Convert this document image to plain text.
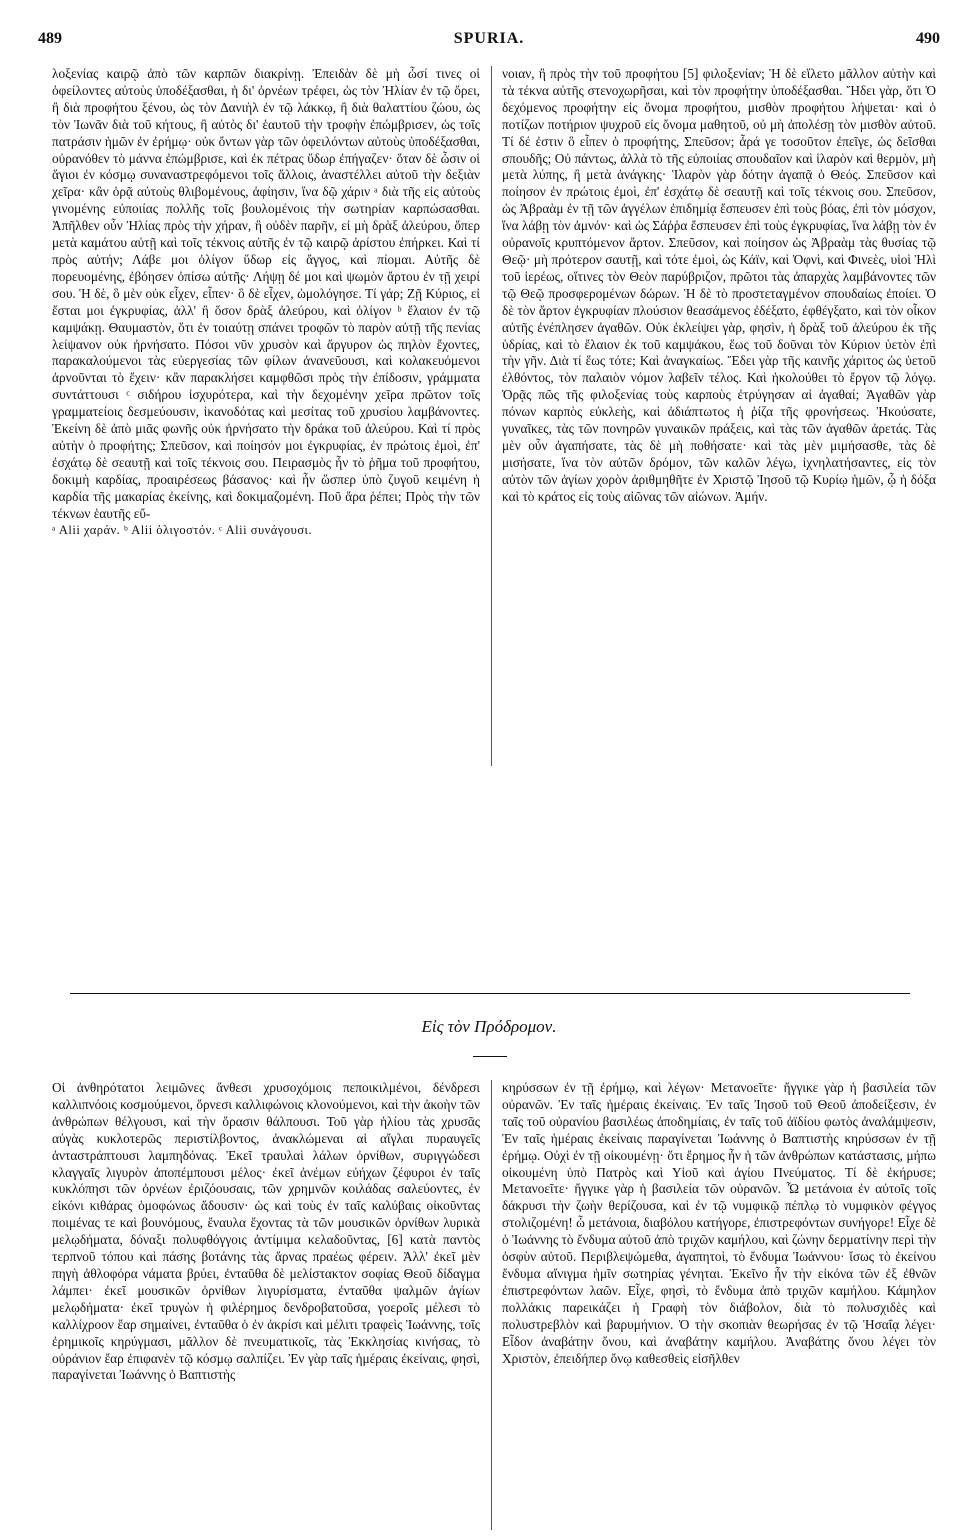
489	SPURIA.	490

λοξενίας καιρῷ ἀπὸ τῶν καρπῶν διακρίνῃ. Ἐπειδὰν δὲ μὴ ὦσί τινες οἱ ὀφείλοντες αὐτοὺς ὑποδέξασθαι, ἡ δι' ὀρνέων τρέφει, ὡς τὸν Ἠλίαν ἐν τῷ ὄρει, ἢ διὰ προφήτου ξένου, ὡς τὸν Δανιὴλ ἐν τῷ λάκκῳ, ἢ διὰ θαλαττίου ζώου, ὡς τὸν Ἰωνᾶν διὰ τοῦ κήτους, ἢ αὐτὸς δι' ἑαυτοῦ τὴν τροφὴν ἐπώμβρισεν, ὡς τοῖς πατράσιν ἡμῶν ἐν ἐρήμῳ· οὐκ ὄντων γὰρ τῶν ὀφειλόντων αὐτοὺς ὑποδέξασθαι, οὐρανόθεν τὸ μάννα ἐπώμβρισε, καὶ ἐκ πέτρας ὕδωρ ἐπήγαζεν· ὅταν δὲ ὦσιν οἱ ἅγιοι ἐν κόσμῳ συναναστρεφόμενοι τοῖς ἄλλοις, ἀναστέλλει αὐτοῦ τὴν δεξιὰν χεῖρα· κἂν ὁρᾷ αὐτοὺς θλιβομένους, ἀφίησιν, ἵνα δῷ χάριν ᵃ διὰ τῆς εἰς αὐτοὺς γινομένης εὐποιίας πολλῆς τοῖς βουλομένοις τὴν σωτηρίαν καρπώσασθαι. Ἀπῆλθεν οὖν Ἠλίας πρὸς τὴν χήραν, ἣ οὐδὲν παρῆν, εἰ μὴ δρὰξ ἀλεύρου, ὅπερ μετὰ καμάτου αὐτῇ καὶ τοῖς τέκνοις αὐτῆς ἐν τῷ καιρῷ ἀρίστου ἐπήρκει. Καὶ τί πρὸς αὐτήν; Λάβε μοι ὀλίγον ὕδωρ εἰς ἄγγος, καὶ πίομαι. Αὐτῆς δὲ πορευομένης, ἐβόησεν ὀπίσω αὐτῆς· Λήψῃ δέ μοι καὶ ψωμὸν ἄρτου ἐν τῇ χειρί σου. Ἡ δὲ, ὃ μὲν οὐκ εἶχεν, εἶπεν· ὃ δὲ εἶχεν, ὡμολόγησε. Τί γάρ; Ζῇ Κύριος, εἰ ἔσται μοι ἐγκρυφίας, ἀλλ' ἢ ὅσον δρὰξ ἀλεύρου, καὶ ὀλίγον ᵇ ἔλαιον ἐν τῷ καμψάκῃ. Θαυμαστὸν, ὅτι ἐν τοιαύτῃ σπάνει τροφῶν τὸ παρὸν αὐτῇ τῆς πενίας λείψανον οὐκ ἠρνήσατο. Πόσοι νῦν χρυσὸν καὶ ἄργυρον ὡς πηλὸν ἔχοντες, παρακαλούμενοι τὰς εὐεργεσίας τῶν φίλων ἀνανεῦουσι, καὶ κολακευόμενοι ἀρνοῦνται τὸ ἔχειν· κἂν παρακλήσει καμφθῶσι πρὸς τὴν ἐπίδοσιν, γράμματα συντάττουσι ᶜ σιδήρου ἰσχυρότερα, καὶ τὴν δεχομένην χεῖρα πρῶτον τοῖς γραμματείοις δεσμεύουσιν, ἱκανοδότας καὶ μεσίτας τοῦ χρυσίου λαμβάνοντες. Ἐκείνη δὲ ἀπὸ μιᾶς φωνῆς οὐκ ἠρνήσατο τὴν δράκα τοῦ ἀλεύρου. Καὶ τί πρὸς αὐτὴν ὁ προφήτης; Σπεῦσον, καὶ ποίησόν μοι ἐγκρυφίας, ἐν πρώτοις ἐμοὶ, ἐπ' ἐσχάτῳ δὲ σεαυτῇ καὶ τοῖς τέκνοις σου. Πειρασμὸς ἦν τὸ ῥῆμα τοῦ προφήτου, δοκιμὴ καρδίας, προαιρέσεως βάσανος· καὶ ἦν ὥσπερ ὑπὸ ζυγοῦ κειμένη ἡ καρδία τῆς μακαρίας ἐκείνης, καὶ δοκιμαζομένη. Ποῦ ἄρα ῥέπει; Πρὸς τὴν τῶν τέκνων ἑαυτῆς εὔ-

ᵃ Alii χαράν. ᵇ Alii ὀλιγοστόν. ᶜ Alii συνάγουσι.

νοιαν, ἢ πρὸς τὴν τοῦ προφήτου [5] φιλοξενίαν; Ἡ δὲ εἵλετο μᾶλλον αὐτὴν καὶ τὰ τέκνα αὐτῆς στενοχωρῆσαι, καὶ τὸν προφήτην ὑποδέξασθαι. Ἤδει γὰρ, ὅτι Ὁ δεχόμενος προφήτην εἰς ὄνομα προφήτου, μισθὸν προφήτου λήψεται· καὶ ὁ ποτίζων ποτήριον ψυχροῦ εἰς ὄνομα μαθητοῦ, οὐ μὴ ἀπολέσῃ τὸν μισθὸν αὐτοῦ. Τί δέ ἐστιν ὃ εἶπεν ὁ προφήτης, Σπεῦσον; ἆρά γε τοσοῦτον ἐπεῖγε, ὡς δεῖσθαι σπουδῆς; Οὐ πάντως, ἀλλὰ τὸ τῆς εὐποιίας σπουδαῖον καὶ ἱλαρὸν καὶ θερμὸν, μὴ μετὰ λύπης, ἢ μετὰ ἀνάγκης· Ἱλαρὸν γὰρ δότην ἀγαπᾷ ὁ Θεός. Σπεῦσον καὶ ποίησον ἐν πρώτοις ἐμοὶ, ἐπ' ἐσχάτῳ δὲ σεαυτῇ καὶ τοῖς τέκνοις σου. Σπεῦσον, ὡς Ἀβραὰμ ἐν τῇ τῶν ἀγγέλων ἐπιδημίᾳ ἔσπευσεν ἐπὶ τοὺς βόας, ἐπὶ τὸν μόσχον, ἵνα λάβῃ τὸν ἀμνόν· καὶ ὡς Σάῤῥα ἔσπευσεν ἐπὶ τοὺς ἐγκρυφίας, ἵνα λάβῃ τὸν ἐν οὐρανοῖς κρυπτόμενον ἄρτον. Σπεῦσον, καὶ ποίησον ὡς Ἀβραὰμ τὰς θυσίας τῷ Θεῷ· μὴ πρότερον σαυτῇ, καὶ τότε ἐμοὶ, ὡς Κάϊν, καὶ Ὀφνὶ, καὶ Φινεὲς, υἱοὶ Ἠλὶ τοῦ ἱερέως, οἵτινες τὸν Θεὸν παρύβριζον, πρῶτοι τὰς ἀπαρχὰς λαμβάνοντες τῶν τῷ Θεῷ προσφερομένων δώρων. Ἡ δὲ τὸ προστεταγμένον σπουδαίως ἐποίει. Ὁ δὲ τὸν ἄρτον ἐγκρυφίαν πλούσιον θεασάμενος ἐδέξατο, ἐφθέγξατο, καὶ τὸν οἶκον αὐτῆς ἐνέπλησεν ἀγαθῶν. Οὐκ ἐκλείψει γὰρ, φησὶν, ἡ δρὰξ τοῦ ἀλεύρου ἐκ τῆς ὑδρίας, καὶ τὸ ἔλαιον ἐκ τοῦ καμψάκου, ἕως τοῦ δοῦναι τὸν Κύριον ὑετὸν ἐπὶ τὴν γῆν. Διὰ τί ἕως τότε; Καὶ ἀναγκαίως. Ἔδει γὰρ τῆς καινῆς χάριτος ὡς ὑετοῦ ἐλθόντος, τὸν παλαιὸν νόμον λαβεῖν τέλος. Καὶ ἠκολούθει τὸ ἔργον τῷ λόγῳ. Ὁρᾷς πῶς τῆς φιλοξενίας τοὺς καρποὺς ἐτρύγησαν αἱ ἀγαθαί; Ἀγαθῶν γὰρ πόνων καρπὸς εὐκλεὴς, καὶ ἀδιάπτωτος ἡ ῥίζα τῆς φρονήσεως. Ἠκούσατε, γυναῖκες, τὰς τῶν πονηρῶν γυναικῶν πράξεις, καὶ τὰς τῶν ἀγαθῶν ἀρετάς. Τὰς μὲν οὖν ἀγαπήσατε, τὰς δὲ μὴ ποθήσατε· καὶ τὰς μὲν μιμήσασθε, τὰς δὲ μισήσατε, ἵνα τὸν αὐτῶν δρόμον, τῶν καλῶν λέγω, ἰχνηλατήσαντες, εἰς τὸν αὐτὸν τῶν ἁγίων χορὸν ἀριθμηθῆτε ἐν Χριστῷ Ἰησοῦ τῷ Κυρίῳ ἡμῶν, ᾧ ἡ δόξα καὶ τὸ κράτος εἰς τοὺς αἰῶνας τῶν αἰώνων. Ἀμήν.

Εἰς τὸν Πρόδρομον.

Οἱ ἀνθηρότατοι λειμῶνες ἄνθεσι χρυσοχόμοις πεποικιλμένοι, δένδρεσι καλλιπνόοις κοσμούμενοι, ὄρνεσι καλλιφώνοις κλονούμενοι, καὶ τὴν ἀκοὴν τῶν ἀνθρώπων θέλγουσι, καὶ τὴν ὅρασιν θάλπουσι. Τοῦ γὰρ ἡλίου τὰς χρυσᾶς αὐγὰς κυκλοτερῶς περιστίλβοντος, ἀνακλώμεναι αἱ αἴγλαι πυραυγεῖς ἀνταστράπτουσι λαμπηδόνας. Ἐκεῖ τραυλαὶ λάλων ὀρνίθων, συριγγώδεσι κλαγγαῖς λιγυρὸν ἀποπέμπουσι μέλος· ἐκεῖ ἀνέμων εὐήχων ζέφυροι ἐν ταῖς κυκλόπησι τῶν ὀρνέων ἐριζόουσαις, τῶν χρημνῶν κοιλάδας σαλεύοντες, ἐν εἰκόνι κιθάρας ὁμοφώνως ἄδουσιν· ὡς καὶ τοὺς ἐν ταῖς καλύβαις οἰκοῦντας ποιμένας τε καὶ βουνόμους, ἔναυλα ἔχοντας τὰ τῶν μουσικῶν ὀρνίθων λυρικὰ μελῳδήματα, δόναξι πολυφθόγγοις ἀντίμιμα κελαδοῦντας, [6] κατὰ παντὸς τερπνοῦ τόπου καὶ πάσης βοτάνης τὰς ἄρνας πραέως φέρειν. Ἀλλ' ἐκεῖ μὲν πηγὴ ἀθλοφόρα νάματα βρύει, ἐνταῦθα δὲ μελίστακτον σοφίας Θεοῦ δίδαγμα λάμπει· ἐκεῖ μουσικῶν ὀρνίθων λιγυρίσματα, ἐνταῦθα ψαλμῶν ἁγίων μελῳδήματα· ἐκεῖ τρυγὼν ἡ φιλέρημος δενδροβατοῦσα, γοεροῖς μέλεσι τὸ καλλίχροον ἔαρ σημαίνει, ἐνταῦθα ὁ ἐν ἀκρίσι καὶ μέλιτι τραφεὶς Ἰωάννης, τοῖς ἐρημικοῖς κηρύγμασι, μᾶλλον δὲ πνευματικοῖς, τὰς Ἐκκλησίας κινήσας, τὸ οὐράνιον ἔαρ ἐπιφανὲν τῷ κόσμῳ σαλπίζει. Ἐν γὰρ ταῖς ἡμέραις ἐκείναις, φησὶ, παραγίνεται Ἰωάννης ὁ Βαπτιστὴς

κηρύσσων ἐν τῇ ἐρήμῳ, καὶ λέγων· Μετανοεῖτε· ἤγγικε γὰρ ἡ βασιλεία τῶν οὐρανῶν. Ἐν ταῖς ἡμέραις ἐκείναις. Ἐν ταῖς Ἰησοῦ τοῦ Θεοῦ ἀποδείξεσιν, ἐν ταῖς τοῦ οὐρανίου βασιλέως ἀποδημίαις, ἐν ταῖς τοῦ ἀϊδίου φωτὸς ἀναλάμψεσιν, Ἐν ταῖς ἡμέραις ἐκείναις παραγίνεται Ἰωάννης ὁ Βαπτιστὴς κηρύσσων ἐν τῇ ἐρήμῳ. Οὐχὶ ἐν τῇ οἰκουμένῃ· ὅτι ἔρημος ἦν ἡ τῶν ἀνθρώπων κατάστασις, μήπω οἰκουμένη ὑπὸ Πατρὸς καὶ Υἱοῦ καὶ ἁγίου Πνεύματος. Τί δὲ ἐκήρυσε; Μετανοεῖτε· ἤγγικε γὰρ ἡ βασιλεία τῶν οὐρανῶν. Ὦ μετάνοια ἐν αὐτοῖς τοῖς δάκρυσι τὴν ζωὴν θερίζουσα, καὶ ἐν τῷ νυμφικῷ πέπλῳ τὸ νυμφικὸν φέγγος στολιζομένη! ὦ μετάνοια, διαβόλου κατήγορε, ἐπιστρεφόντων συνήγορε! Εἶχε δὲ ὁ Ἰωάννης τὸ ἔνδυμα αὐτοῦ ἀπὸ τριχῶν καμήλου, καὶ ζώνην δερματίνην περὶ τὴν ὀσφὺν αὐτοῦ. Περιβλεψώμεθα, ἀγαπητοὶ, τὸ ἔνδυμα Ἰωάννου· ἴσως τὸ ἐκείνου ἔνδυμα αἴνιγμα ἡμῖν σωτηρίας γένηται. Ἐκεῖνο ἦν τὴν εἰκόνα τῶν ἐξ ἐθνῶν ἐπιστρεφόντων λαῶν. Εἶχε, φησὶ, τὸ ἔνδυμα ἀπὸ τριχῶν καμήλου. Κάμηλον πολλάκις παρεικάζει ἡ Γραφὴ τὸν διάβολον, διὰ τὸ πολυσχιδὲς καὶ πολυστρεβλὸν καὶ βαρυμήνιον. Ὁ τὴν σκοπιὰν θεωρήσας ἐν τῷ Ἡσαΐᾳ λέγει· Εἶδον ἀναβάτην ὄνου, καὶ ἀναβάτην καμήλου. Ἀναβάτης ὄνου λέγει τὸν Χριστὸν, ἐπειδήπερ ὄνῳ καθεσθεὶς εἰσῆλθεν
